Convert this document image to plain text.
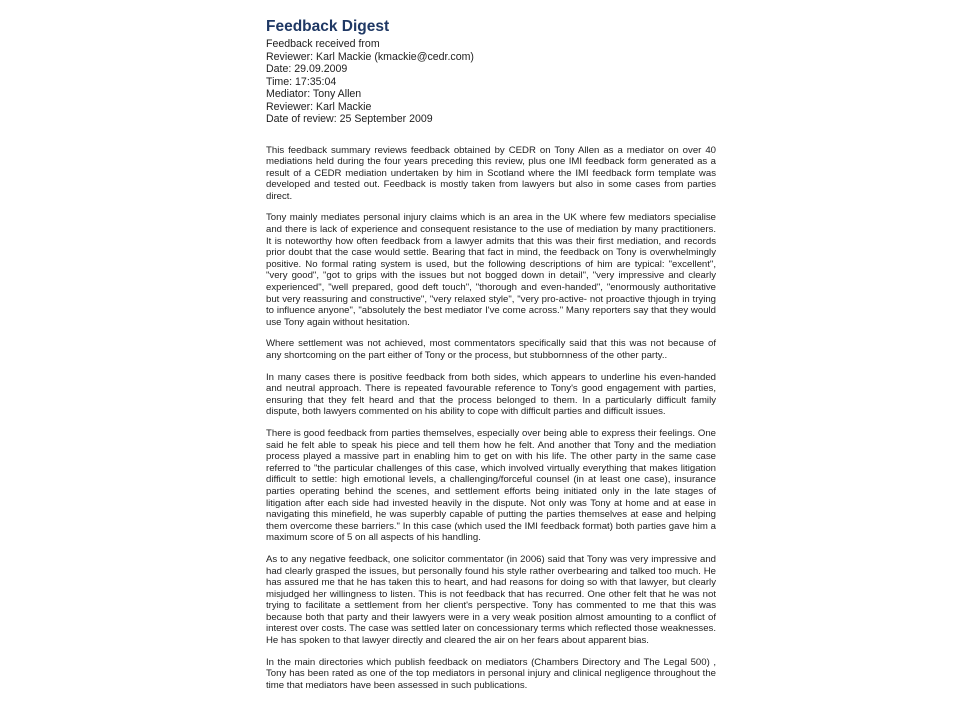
Feedback Digest
Feedback received from
Reviewer: Karl Mackie (kmackie@cedr.com)
Date: 29.09.2009
Time: 17:35:04
Mediator: Tony Allen
Reviewer: Karl Mackie
Date of review: 25 September 2009

This feedback summary reviews feedback obtained by CEDR on Tony Allen as a mediator on over 40 mediations held during the four years preceding this review, plus one IMI feedback form generated as a result of a CEDR mediation undertaken by him in Scotland where the IMI feedback form template was developed and tested out. Feedback is mostly taken from lawyers but also in some cases from parties direct.

Tony mainly mediates personal injury claims which is an area in the UK where few mediators specialise and there is lack of experience and consequent resistance to the use of mediation by many practitioners. It is noteworthy how often feedback from a lawyer admits that this was their first mediation, and records prior doubt that the case would settle. Bearing that fact in mind, the feedback on Tony is overwhelmingly positive. No formal rating system is used, but the following descriptions of him are typical: "excellent", "very good", "got to grips with the issues but not bogged down in detail", "very impressive and clearly experienced", "well prepared, good deft touch", "thorough and even-handed", "enormously authoritative but very reassuring and constructive", "very relaxed style", "very pro-active- not proactive thjough in trying to influence anyone", "absolutely the best mediator I've come across." Many reporters say that they would use Tony again without hesitation.

Where settlement was not achieved, most commentators specifically said that this was not because of any shortcoming on the part either of Tony or the process, but stubbornness of the other party..

In many cases there is positive feedback from both sides, which appears to underline his even-handed and neutral approach. There is repeated favourable reference to Tony's good engagement with parties, ensuring that they felt heard and that the process belonged to them. In a particularly difficult family dispute, both lawyers commented on his ability to cope with difficult parties and difficult issues.

There is good feedback from parties themselves, especially over being able to express their feelings. One said he felt able to speak his piece and tell them how he felt. And another that Tony and the mediation process played a massive part in enabling him to get on with his life. The other party in the same case referred to "the particular challenges of this case, which involved virtually everything that makes litigation difficult to settle: high emotional levels, a challenging/forceful counsel (in at least one case), insurance parties operating behind the scenes, and settlement efforts being initiated only in the late stages of litigation after each side had invested heavily in the dispute. Not only was Tony at home and at ease in navigating this minefield, he was superbly capable of putting the parties themselves at ease and helping them overcome these barriers." In this case (which used the IMI feedback format) both parties gave him a maximum score of 5 on all aspects of his handling.

As to any negative feedback, one solicitor commentator (in 2006) said that Tony was very impressive and had clearly grasped the issues, but personally found his style rather overbearing and talked too much. He has assured me that he has taken this to heart, and had reasons for doing so with that lawyer, but clearly misjudged her willingness to listen. This is not feedback that has recurred. One other felt that he was not trying to facilitate a settlement from her client's perspective. Tony has commented to me that this was because both that party and their lawyers were in a very weak position almost amounting to a conflict of interest over costs. The case was settled later on concessionary terms which reflected those weaknesses. He has spoken to that lawyer directly and cleared the air on her fears about apparent bias.

In the main directories which publish feedback on mediators (Chambers Directory and The Legal 500) , Tony has been rated as one of the top mediators in personal injury and clinical negligence throughout the time that mediators have been assessed in such publications.
